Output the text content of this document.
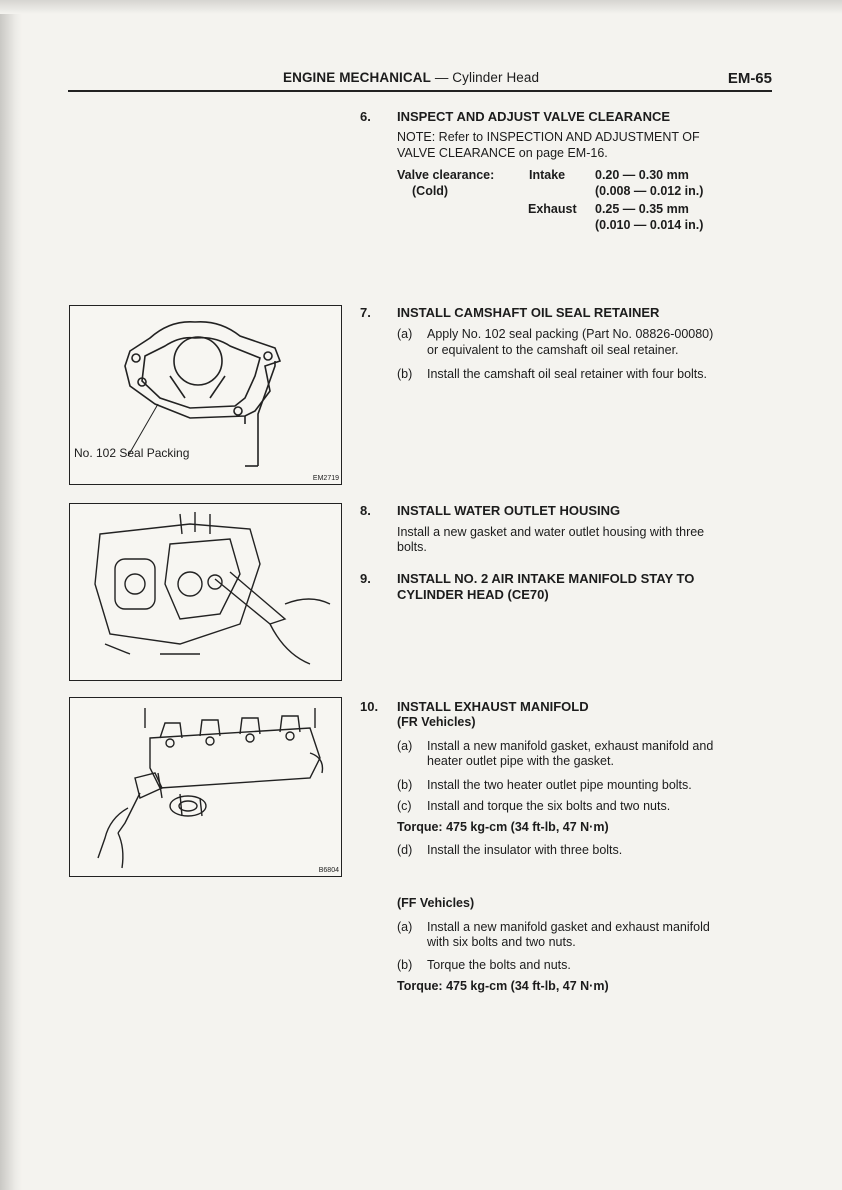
ENGINE MECHANICAL — Cylinder Head	EM-65
6. INSPECT AND ADJUST VALVE CLEARANCE
NOTE: Refer to INSPECTION AND ADJUSTMENT OF
VALVE CLEARANCE on page EM-16.
Valve clearance:
(Cold)
Intake 0.20 — 0.30 mm
(0.008 — 0.012 in.)
Exhaust 0.25 — 0.35 mm
(0.010 — 0.014 in.)
No. 102 Seal Packing
EM2719
7. INSTALL CAMSHAFT OIL SEAL RETAINER
(a) Apply No. 102 seal packing (Part No. 08826-00080)
or equivalent to the camshaft oil seal retainer.
(b) Install the camshaft oil seal retainer with four bolts.
8. INSTALL WATER OUTLET HOUSING
Install a new gasket and water outlet housing with three
bolts.
9. INSTALL NO. 2 AIR INTAKE MANIFOLD STAY TO
CYLINDER HEAD (CE70)
B6804
10. INSTALL EXHAUST MANIFOLD
(FR Vehicles)
(a) Install a new manifold gasket, exhaust manifold and
heater outlet pipe with the gasket.
(b) Install the two heater outlet pipe mounting bolts.
(c) Install and torque the six bolts and two nuts.
Torque: 475 kg-cm (34 ft-lb, 47 N·m)
(d) Install the insulator with three bolts.
(FF Vehicles)
(a) Install a new manifold gasket and exhaust manifold
with six bolts and two nuts.
(b) Torque the bolts and nuts.
Torque: 475 kg-cm (34 ft-lb, 47 N·m)
